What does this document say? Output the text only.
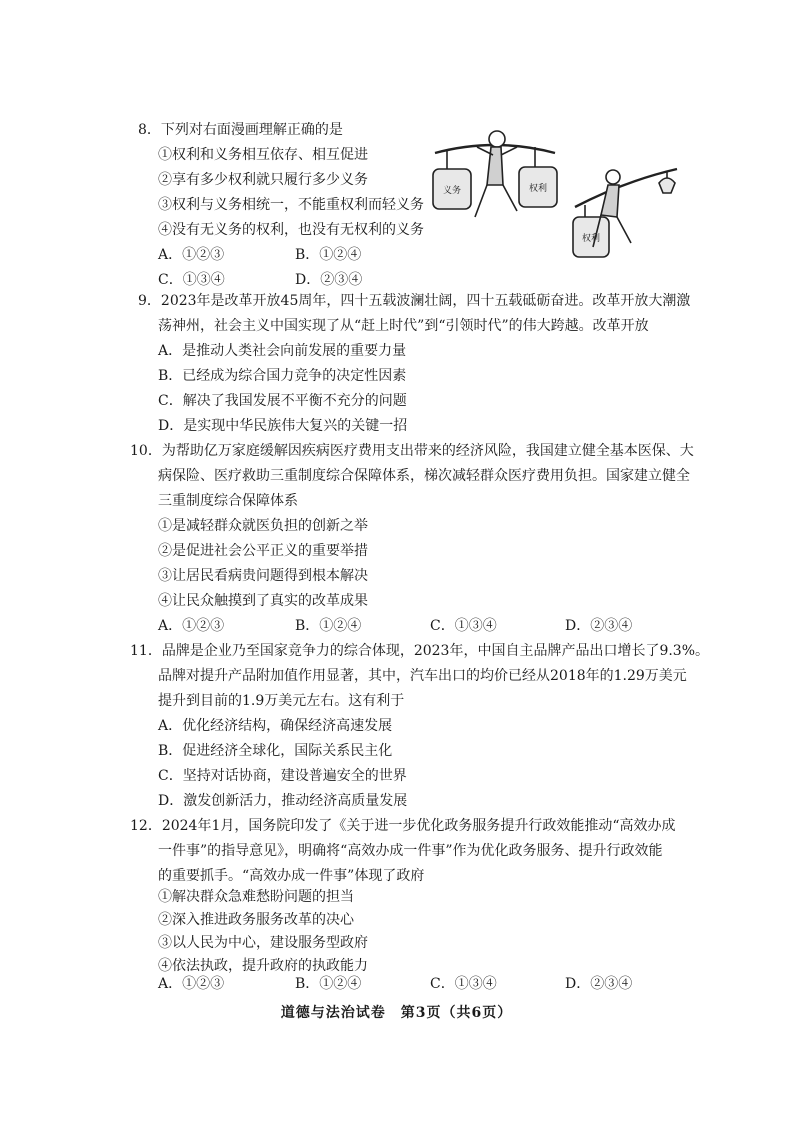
8．下列对右面漫画理解正确的是
①权利和义务相互依存、相互促进
②享有多少权利就只履行多少义务
③权利与义务相统一，不能重权利而轻义务
④没有无义务的权利，也没有无权利的义务
A．①②③	B．①②④
C．①③④	D．②③④
义务	权利
权利
9．2023年是改革开放45周年，四十五载波澜壮阔，四十五载砥砺奋进。改革开放大潮激
荡神州，社会主义中国实现了从“赶上时代”到“引领时代”的伟大跨越。改革开放
A．是推动人类社会向前发展的重要力量
B．已经成为综合国力竞争的决定性因素
C．解决了我国发展不平衡不充分的问题
D．是实现中华民族伟大复兴的关键一招
10．为帮助亿万家庭缓解因疾病医疗费用支出带来的经济风险，我国建立健全基本医保、大
病保险、医疗救助三重制度综合保障体系，梯次减轻群众医疗费用负担。国家建立健全
三重制度综合保障体系
①是减轻群众就医负担的创新之举
②是促进社会公平正义的重要举措
③让居民看病贵问题得到根本解决
④让民众触摸到了真实的改革成果
A．①②③	B．①②④	C．①③④	D．②③④
11．品牌是企业乃至国家竞争力的综合体现，2023年，中国自主品牌产品出口增长了9.3%。
品牌对提升产品附加值作用显著，其中，汽车出口的均价已经从2018年的1.29万美元
提升到目前的1.9万美元左右。这有利于
A．优化经济结构，确保经济高速发展
B．促进经济全球化，国际关系民主化
C．坚持对话协商，建设普遍安全的世界
D．激发创新活力，推动经济高质量发展
12．2024年1月，国务院印发了《关于进一步优化政务服务提升行政效能推动“高效办成
一件事”的指导意见》，明确将“高效办成一件事”作为优化政务服务、提升行政效能
的重要抓手。“高效办成一件事”体现了政府
①解决群众急难愁盼问题的担当
②深入推进政务服务改革的决心
③以人民为中心，建设服务型政府
④依法执政，提升政府的执政能力
A．①②③	B．①②④	C．①③④	D．②③④
道德与法治试卷　第3页（共6页）
